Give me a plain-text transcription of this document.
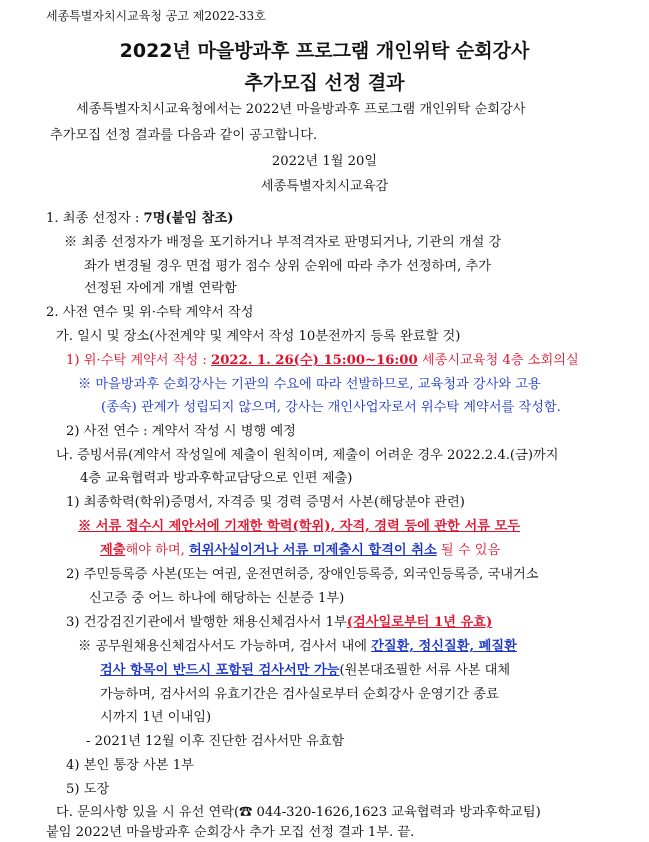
세종특별자치시교육청 공고 제2022-33호
2022년 마을방과후 프로그램 개인위탁 순회강사
추가모집 선정 결과
세종특별자치시교육청에서는 2022년 마을방과후 프로그램 개인위탁 순회강사
추가모집 선정 결과를 다음과 같이 공고합니다.
2022년 1월 20일
세종특별자치시교육감
1. 최종 선정자 : 7명(붙임 참조)
※ 최종 선정자가 배정을 포기하거나 부적격자로 판명되거나, 기관의 개설 강
좌가 변경될 경우 면접 평가 점수 상위 순위에 따라 추가 선정하며, 추가
선정된 자에게 개별 연락함
2. 사전 연수 및 위·수탁 계약서 작성
가. 일시 및 장소(사전계약 및 계약서 작성 10분전까지 등록 완료할 것)
1) 위·수탁 계약서 작성 : 2022. 1. 26(수) 15:00~16:00 세종시교육청 4층 소회의실
※ 마을방과후 순회강사는 기관의 수요에 따라 선발하므로, 교육청과 강사와 고용
(종속) 관계가 성립되지 않으며, 강사는 개인사업자로서 위수탁 계약서를 작성함.
2) 사전 연수 : 계약서 작성 시 병행 예정
나. 증빙서류(계약서 작성일에 제출이 원칙이며, 제출이 어려운 경우 2022.2.4.(금)까지
4층 교육협력과 방과후학교담당으로 인편 제출)
1) 최종학력(학위)증명서, 자격증 및 경력 증명서 사본(해당분야 관련)
※ 서류 접수시 제안서에 기재한 학력(학위), 자격, 경력 등에 관한 서류 모두
제출해야 하며, 허위사실이거나 서류 미제출시 합격이 취소 될 수 있음
2) 주민등록증 사본(또는 여권, 운전면허증, 장애인등록증, 외국인등록증, 국내거소
신고증 중 어느 하나에 해당하는 신분증 1부)
3) 건강검진기관에서 발행한 채용신체검사서 1부(검사일로부터 1년 유효)
※ 공무원채용신체검사서도 가능하며, 검사서 내에 간질환, 정신질환, 폐질환
검사 항목이 반드시 포함된 검사서만 가능(원본대조필한 서류 사본 대체
가능하며, 검사서의 유효기간은 검사실로부터 순회강사 운영기간 종료
시까지 1년 이내임)
- 2021년 12월 이후 진단한 검사서만 유효함
4) 본인 통장 사본 1부
5) 도장
다. 문의사항 있을 시 유선 연락(☎ 044-320-1626,1623 교육협력과 방과후학교팀)
붙임 2022년 마을방과후 순회강사 추가 모집 선정 결과 1부. 끝.
